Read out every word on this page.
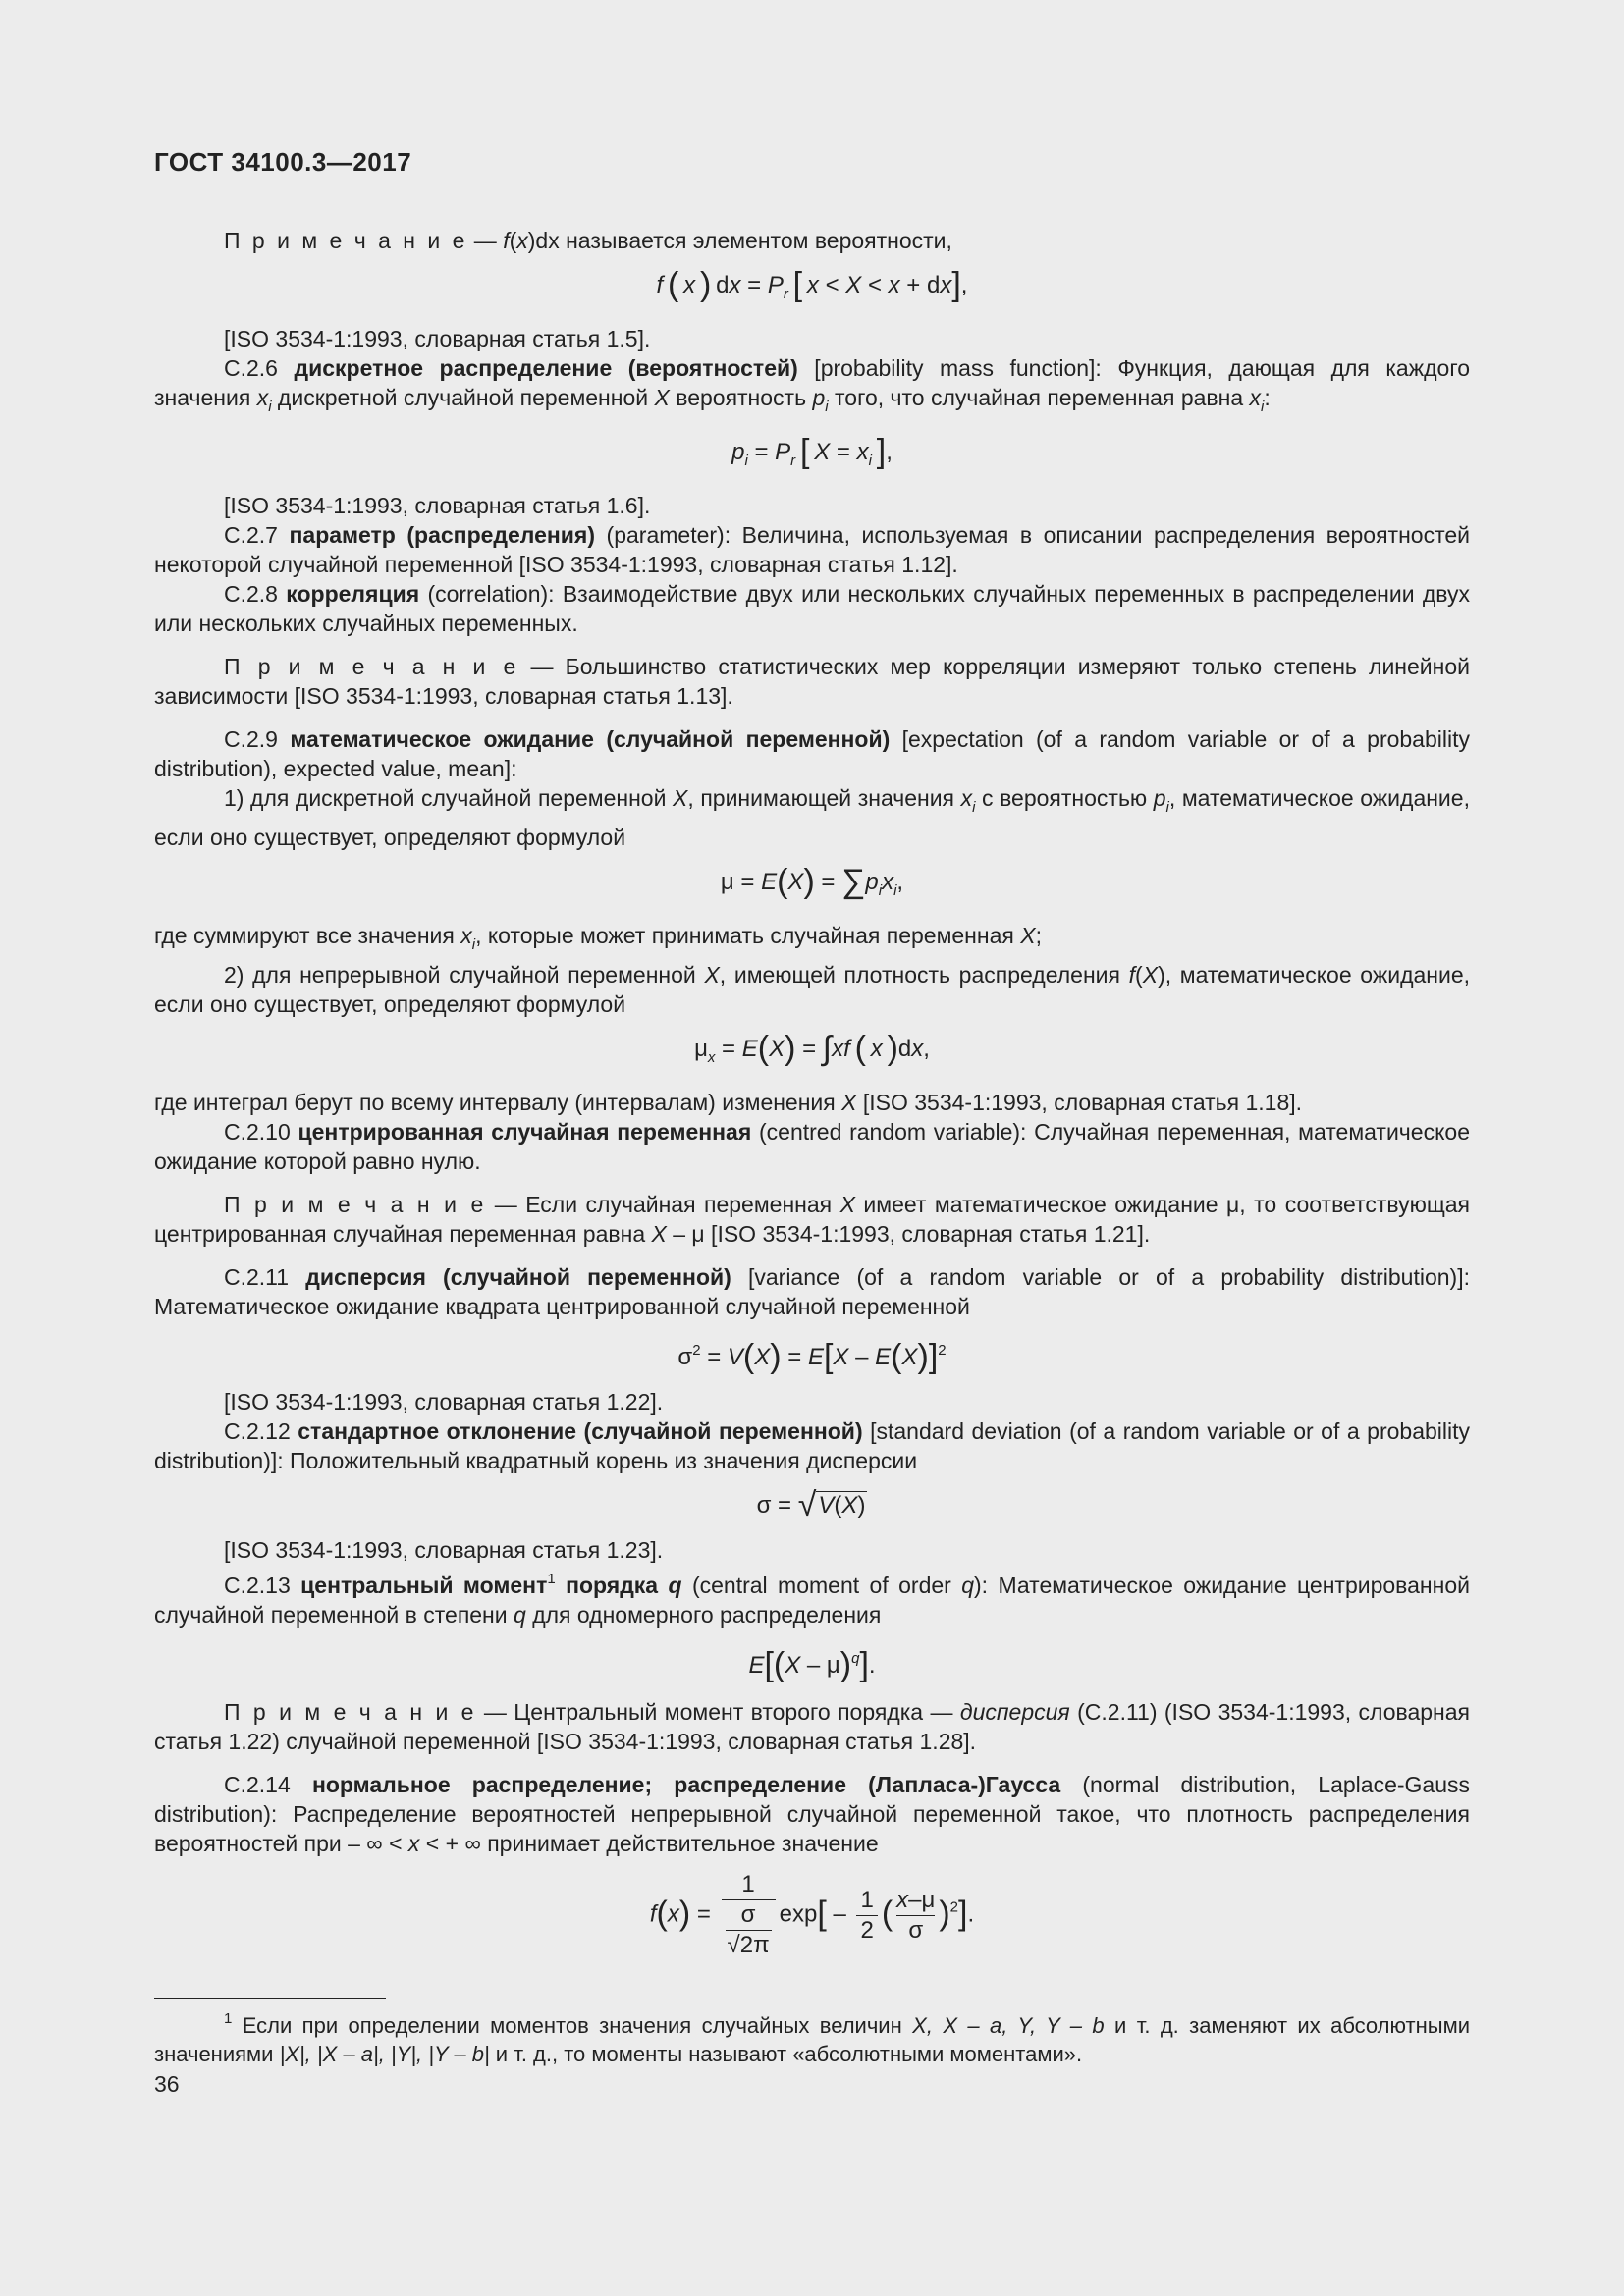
ГОСТ 34100.3—2017

П р и м е ч а н и е — f(x)dx называется элементом вероятности,

f  (  x  ) dx = $P_r$  [  x < X < x + dx],

[ISO 3534-1:1993, словарная статья 1.5].

C.2.6 дискретное распределение (вероятностей) [probability mass function]: Функция, дающая для каждого значения $x_i$ дискретной случайной переменной X вероятность $p_i$ того, что случайная переменная равна $x_i$:

$p_i = P_r$  [  $X = x_i$  ],

[ISO 3534-1:1993, словарная статья 1.6].

C.2.7 параметр (распределения) (parameter): Величина, используемая в описании распределения вероятностей некоторой случайной переменной [ISO 3534-1:1993, словарная статья 1.12].

C.2.8 корреляция (correlation): Взаимодействие двух или нескольких случайных переменных в распределении двух или нескольких случайных переменных.

П р и м е ч а н и е — Большинство статистических мер корреляции измеряют только степень линейной зависимости [ISO 3534-1:1993, словарная статья 1.13].

C.2.9 математическое ожидание (случайной переменной) [expectation (of a random variable or of a probability distribution), expected value, mean]:

1) для дискретной случайной переменной X, принимающей значения $x_i$ с вероятностью $p_i$, математическое ожидание, если оно существует, определяют формулой

$\mu = E(X) = \sum p_ix_i$,

где суммируют все значения $x_i$, которые может принимать случайная переменная X;

2) для непрерывной случайной переменной X, имеющей плотность распределения f(X), математическое ожидание, если оно существует, определяют формулой

$\mu_x = E(X) = \int xf$  (  x  )dx,

где интеграл берут по всему интервалу (интервалам) изменения X [ISO 3534-1:1993, словарная статья 1.18].

C.2.10 центрированная случайная переменная (centred random variable): Случайная переменная, математическое ожидание которой равно нулю.

П р и м е ч а н и е — Если случайная переменная X имеет математическое ожидание μ, то соответствующая центрированная случайная переменная равна X – μ [ISO 3534-1:1993, словарная статья 1.21].

C.2.11 дисперсия (случайной переменной) [variance (of a random variable or of a probability distribution)]: Математическое ожидание квадрата центрированной случайной переменной

$\sigma^2 = V(X) = E[X - E(X)]^2$

[ISO 3534-1:1993, словарная статья 1.22].

C.2.12 стандартное отклонение (случайной переменной) [standard deviation (of a random variable or of a probability distribution)]: Положительный квадратный корень из значения дисперсии

σ = √V(X)

[ISO 3534-1:1993, словарная статья 1.23].

C.2.13 центральный момент$^1$ порядка q (central moment of order q): Математическое ожидание центрированной случайной переменной в степени q для одномерного распределения

E[(X – μ)$^q$].

П р и м е ч а н и е — Центральный момент второго порядка — дисперсия (C.2.11) (ISO 3534-1:1993, словарная статья 1.22) случайной переменной [ISO 3534-1:1993, словарная статья 1.28].

C.2.14 нормальное распределение; распределение (Лапласа-)Гаусса (normal distribution, Laplace-Gauss distribution): Распределение вероятностей непрерывной случайной переменной такое, что плотность распределения вероятностей при – ∞ < x < + ∞ принимает действительное значение

f(x) = 1
σ
√2π $\exp[ - \frac{1}{2}$ ( $\frac{x-\mu}{\sigma} )^2$].
$^1$ Если при определении моментов значения случайных величин X, X – a, Y, Y – b и т. д. заменяют их абсолютными значениями |X|, |X – a|, |Y|, |Y – b| и т. д., то моменты называют «абсолютными моментами».
36
